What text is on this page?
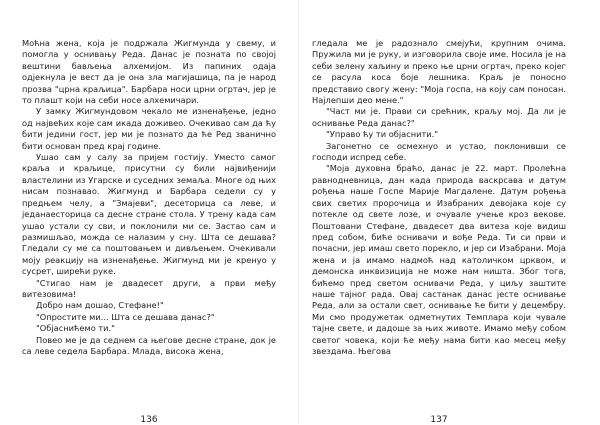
Моћна жена, која је подржала Жигмунда у свему, и помогла у оснивању Реда. Данас је позната по својој вештини бављења алхемијом. Из папиних одаја одјекнула је вест да је она зла магијашица, па је народ прозва "црна краљица". Барбара носи црни огртач, јер је то плашт који на себи носе алхемичари.

У замку Жигмундовом чекало ме изненађење, једно од највећих које сам икада доживео. Очекивао сам да ћу бити једини гост, јер ми је познато да ће Ред званично бити основан пред крај године.

Ушао сам у салу за пријем гостију. Уместо самог краља и краљице, присутни су били највиђенији властелини из Угарске и суседних земаља. Многе од њих нисам познавао. Жигмунд и Барбара седели су у предњем челу, а "Змајеви", десеторица са леве, и једанаесторица са десне стране стола. У трену када сам ушао устали су сви, и поклонили ми се. Застао сам и размишљао, можда се налазим у сну. Шта се дешава? Гледали су ме са поштовањем и дивљењем. Очекивали мoју реакцију на изненађење. Жигмунд ми је кренуо у сусрет, ширећи руке.

"Стигао нам је двадесет други, а први међу витезовима!

Добро нам дошао, Стефане!"

"Опростите ми... Шта се дешава данас?"

"Објаснићемо ти."

Повео ме је да седнем са његове десне стране, док је са леве седела Барбара. Млада, висока жена,

136

гледала ме је радознало смејући, крупним очима. Пружила ми је руку, и изговорила своје име. Носила је на себи зелену хаљину и преко ње црни огртач, преко којег се расула коса боје лешника. Краљ је поносно представио свогу жену: "Моја госпа, на коју сам поносан. Најлепши део мене."

"Част ми је. Прави си срећник, краљу мој. Да ли је оснивање Реда данас?"

"Управо ћу ти објаснити."

Загонетно се осмехнуо и устао, поклонивши се господи испред себе.

"Моја духовна браћо, данас је 22. март. Пролећна равнодневница, дан када природа васкрсава и датум рођења наше Госпе Марије Магдалене. Датум рођења свих светих пророчица и Изабраних девојака које су потекле од свете лозе, и очувале учење кроз векове. Поштовани Стефане, двадесет два витеза које видиш пред собом, биће оснивачи и вође Реда. Ти си први и почасни, јер имаш свето порекло, и јер си Изабрани. Моја жена и ја имамо надмоћ над католичком црквом, и демонска инквизиција не може нам ништа. Због тога, бићемо пред светом оснивачи Реда, у циљу заштите наше тајног рада. Овај састанак данас јесте оснивање Реда, али за остали свет, оснивање ће бити у децембру. Ми смо продужетак одметнутих Темплара који чувале тајне свете, и дадоше за њих животе. Имамо међу собом светог човека, који ће међу нама бити као месец међу звездама. Његова

137
